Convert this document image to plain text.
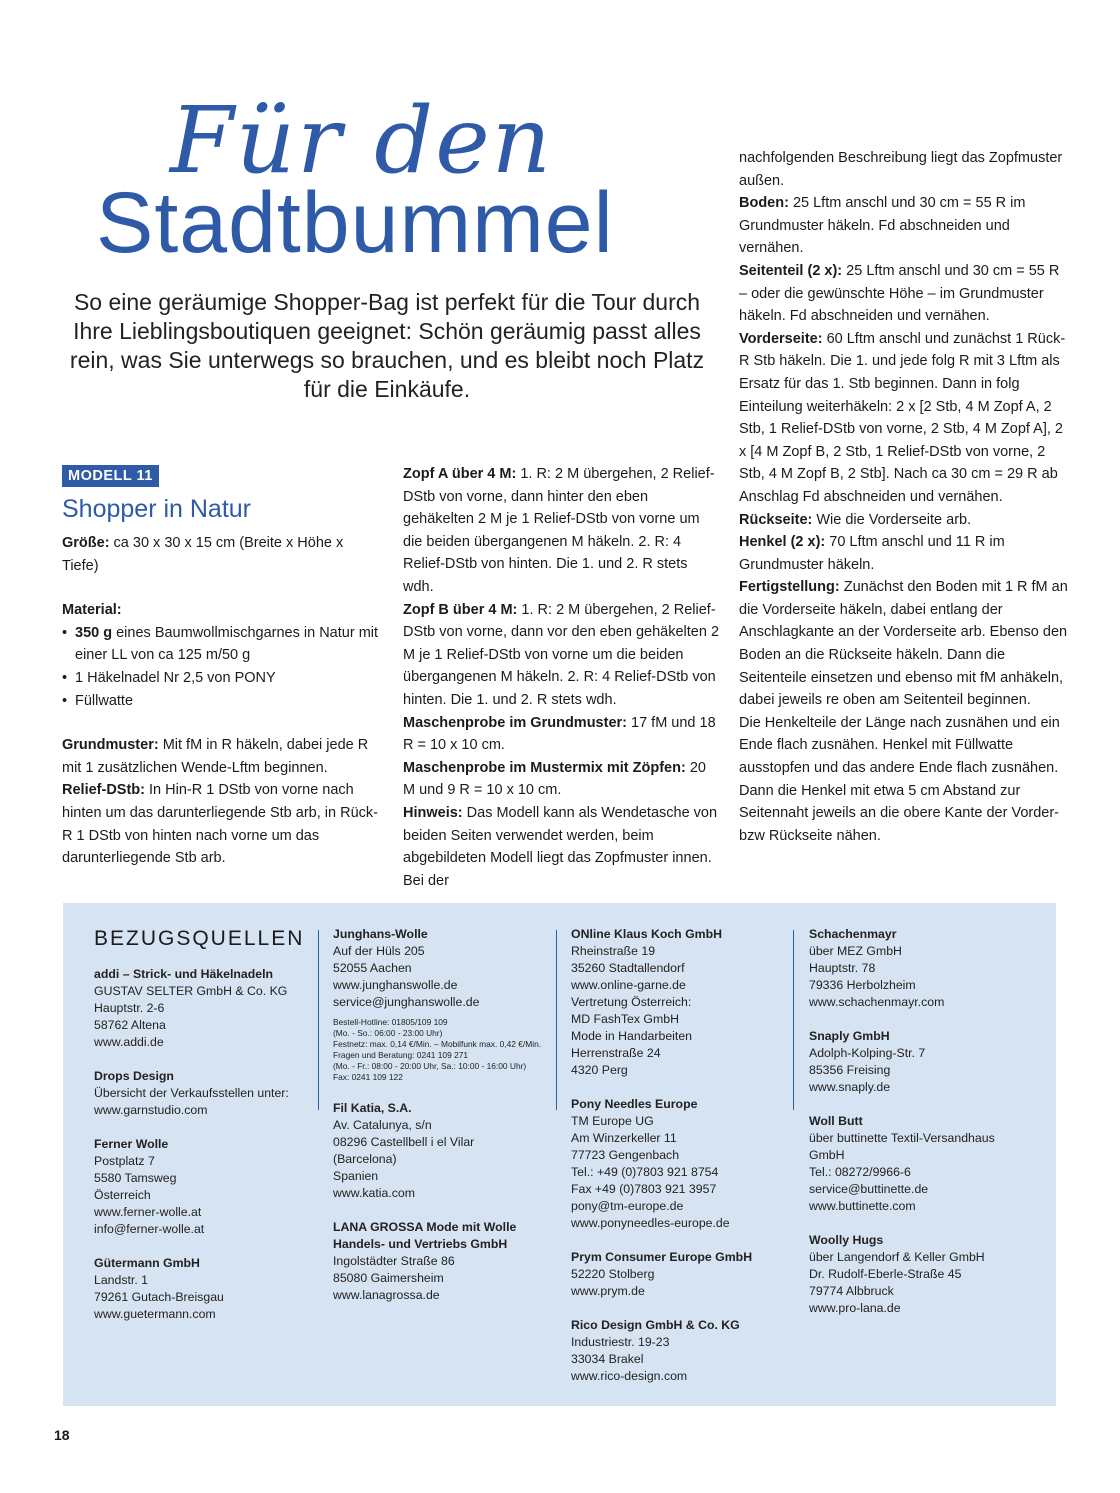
Für den
Stadtbummel
So eine geräumige Shopper-Bag ist perfekt für die Tour durch Ihre Lieblingsboutiquen geeignet: Schön geräumig passt alles rein, was Sie unterwegs so brauchen, und es bleibt noch Platz für die Einkäufe.
MODELL 11
Shopper in Natur

Größe: ca 30 x 30 x 15 cm (Breite x Höhe x Tiefe)

Material:

• 350 g eines Baumwollmischgarnes in Natur mit einer LL von ca 125 m/50 g
• 1 Häkelnadel Nr 2,5 von PONY
• Füllwatte

Grundmuster: Mit fM in R häkeln, dabei jede R mit 1 zusätzlichen Wende-Lftm beginnen.

Relief-DStb: In Hin-R 1 DStb von vorne nach hinten um das darunterliegende Stb arb, in Rück-R 1 DStb von hinten nach vorne um das darunterliegende Stb arb.

Zopf A über 4 M: 1. R: 2 M übergehen, 2 Relief-DStb von vorne, dann hinter den eben gehäkelten 2 M je 1 Relief-DStb von vorne um die beiden übergangenen M häkeln. 2. R: 4 Relief-DStb von hinten. Die 1. und 2. R stets wdh.

Zopf B über 4 M: 1. R: 2 M übergehen, 2 Relief-DStb von vorne, dann vor den eben gehäkelten 2 M je 1 Relief-DStb von vorne um die beiden übergangenen M häkeln. 2. R: 4 Relief-DStb von hinten. Die 1. und 2. R stets wdh.

Maschenprobe im Grundmuster: 17 fM und 18 R = 10 x 10 cm.

Maschenprobe im Mustermix mit Zöpfen: 20 M und 9 R = 10 x 10 cm.

Hinweis: Das Modell kann als Wendetasche von beiden Seiten verwendet werden, beim abgebildeten Modell liegt das Zopfmuster innen. Bei der

nachfolgenden Beschreibung liegt das Zopfmuster außen.

Boden: 25 Lftm anschl und 30 cm = 55 R im Grundmuster häkeln. Fd abschneiden und vernähen.

Seitenteil (2 x): 25 Lftm anschl und 30 cm = 55 R – oder die gewünschte Höhe – im Grundmuster häkeln. Fd abschneiden und vernähen.

Vorderseite: 60 Lftm anschl und zunächst 1 Rück-R Stb häkeln. Die 1. und jede folg R mit 3 Lftm als Ersatz für das 1. Stb beginnen. Dann in folg Einteilung weiterhäkeln: 2 x [2 Stb, 4 M Zopf A, 2 Stb, 1 Relief-DStb von vorne, 2 Stb, 4 M Zopf A], 2 x [4 M Zopf B, 2 Stb, 1 Relief-DStb von vorne, 2 Stb, 4 M Zopf B, 2 Stb]. Nach ca 30 cm = 29 R ab Anschlag Fd abschneiden und vernähen.

Rückseite: Wie die Vorderseite arb.

Henkel (2 x): 70 Lftm anschl und 11 R im Grundmuster häkeln.

Fertigstellung: Zunächst den Boden mit 1 R fM an die Vorderseite häkeln, dabei entlang der Anschlagkante an der Vorderseite arb. Ebenso den Boden an die Rückseite häkeln. Dann die Seitenteile einsetzen und ebenso mit fM anhäkeln, dabei jeweils re oben am Seitenteil beginnen.

Die Henkelteile der Länge nach zusnähen und ein Ende flach zusnähen. Henkel mit Füllwatte ausstopfen und das andere Ende flach zusnähen. Dann die Henkel mit etwa 5 cm Abstand zur Seitennaht jeweils an die obere Kante der Vorder- bzw Rückseite nähen.

BEZUGSQUELLEN
addi – Strick- und Häkelnadeln
GUSTAV SELTER GmbH & Co. KG
Hauptstr. 2-6
58762 Altena
www.addi.de
Drops Design
Übersicht der Verkaufsstellen unter:
www.garnstudio.com
Ferner Wolle
Postplatz 7
5580 Tamsweg
Österreich
www.ferner-wolle.at
info@ferner-wolle.at
Gütermann GmbH
Landstr. 1
79261 Gutach-Breisgau
www.guetermann.com
Junghans-Wolle
Auf der Hüls 205
52055 Aachen
www.junghanswolle.de
service@junghanswolle.de
Bestell-Hotline: 01805/109 109
(Mo. - So.: 06:00 - 23:00 Uhr)
Festnetz: max. 0,14 €/Min. – Mobilfunk max. 0,42 €/Min.
Fragen und Beratung: 0241 109 271
(Mo. - Fr.: 08:00 - 20:00 Uhr, Sa.: 10:00 - 16:00 Uhr)
Fax: 0241 109 122
Fil Katia, S.A.
Av. Catalunya, s/n
08296 Castellbell i el Vilar
(Barcelona)
Spanien
www.katia.com
LANA GROSSA Mode mit Wolle Handels- und Vertriebs GmbH
Ingolstädter Straße 86
85080 Gaimersheim
www.lanagrossa.de
ONline Klaus Koch GmbH
Rheinstraße 19
35260 Stadtallendorf
www.online-garne.de
Vertretung Österreich:
MD FashTex GmbH
Mode in Handarbeiten
Herrenstraße 24
4320 Perg
Pony Needles Europe
TM Europe UG
Am Winzerkeller 11
77723 Gengenbach
Tel.: +49 (0)7803 921 8754
Fax +49 (0)7803 921 3957
pony@tm-europe.de
www.ponyneedles-europe.de
Prym Consumer Europe GmbH
52220 Stolberg
www.prym.de
Rico Design GmbH & Co. KG
Industriestr. 19-23
33034 Brakel
www.rico-design.com
Schachenmayr
über MEZ GmbH
Hauptstr. 78
79336 Herbolzheim
www.schachenmayr.com
Snaply GmbH
Adolph-Kolping-Str. 7
85356 Freising
www.snaply.de
Woll Butt
über buttinette Textil-Versandhaus GmbH
Tel.: 08272/9966-6
service@buttinette.de
www.buttinette.com
Woolly Hugs
über Langendorf & Keller GmbH
Dr. Rudolf-Eberle-Straße 45
79774 Albbruck
www.pro-lana.de
18
